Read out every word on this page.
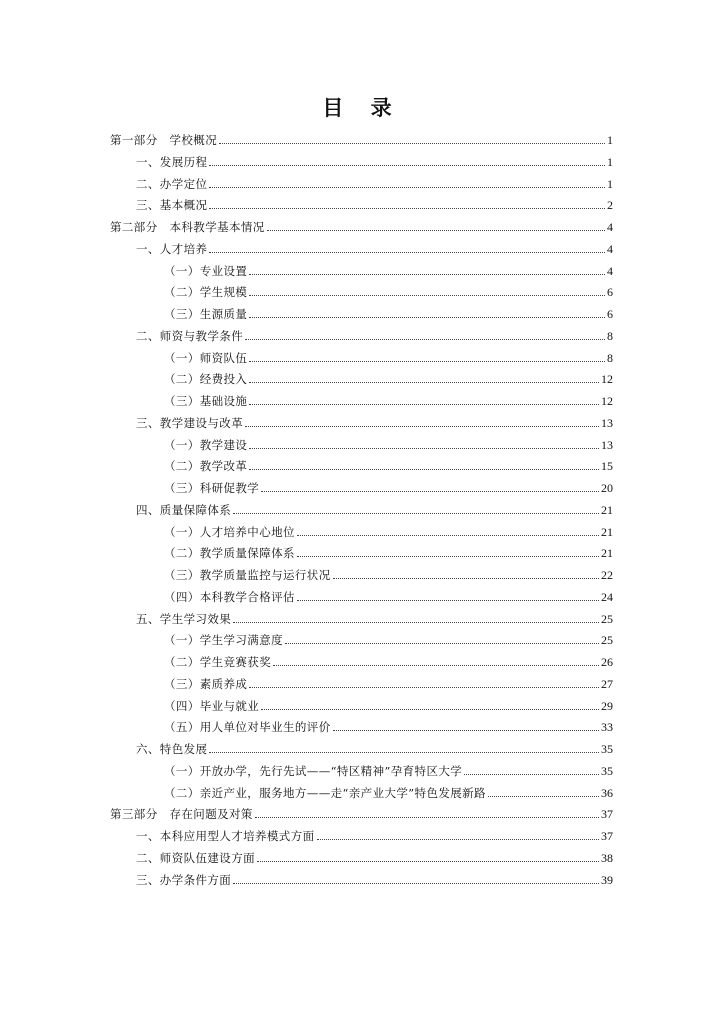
目 录
第一部分　学校概况	1
一、发展历程	1
二、办学定位	1
三、基本概况	2
第二部分　本科教学基本情况	4
一、人才培养	4
（一）专业设置	4
（二）学生规模	6
（三）生源质量	6
二、师资与教学条件	8
（一）师资队伍	8
（二）经费投入	12
（三）基础设施	12
三、教学建设与改革	13
（一）教学建设	13
（二）教学改革	15
（三）科研促教学	20
四、质量保障体系	21
（一）人才培养中心地位	21
（二）教学质量保障体系	21
（三）教学质量监控与运行状况	22
（四）本科教学合格评估	24
五、学生学习效果	25
（一）学生学习满意度	25
（二）学生竞赛获奖	26
（三）素质养成	27
（四）毕业与就业	29
（五）用人单位对毕业生的评价	33
六、特色发展	35
（一）开放办学，先行先试——“特区精神”孕育特区大学	35
（二）亲近产业，服务地方——走“亲产业大学”特色发展新路	36
第三部分　存在问题及对策	37
一、本科应用型人才培养模式方面	37
二、师资队伍建设方面	38
三、办学条件方面	39
